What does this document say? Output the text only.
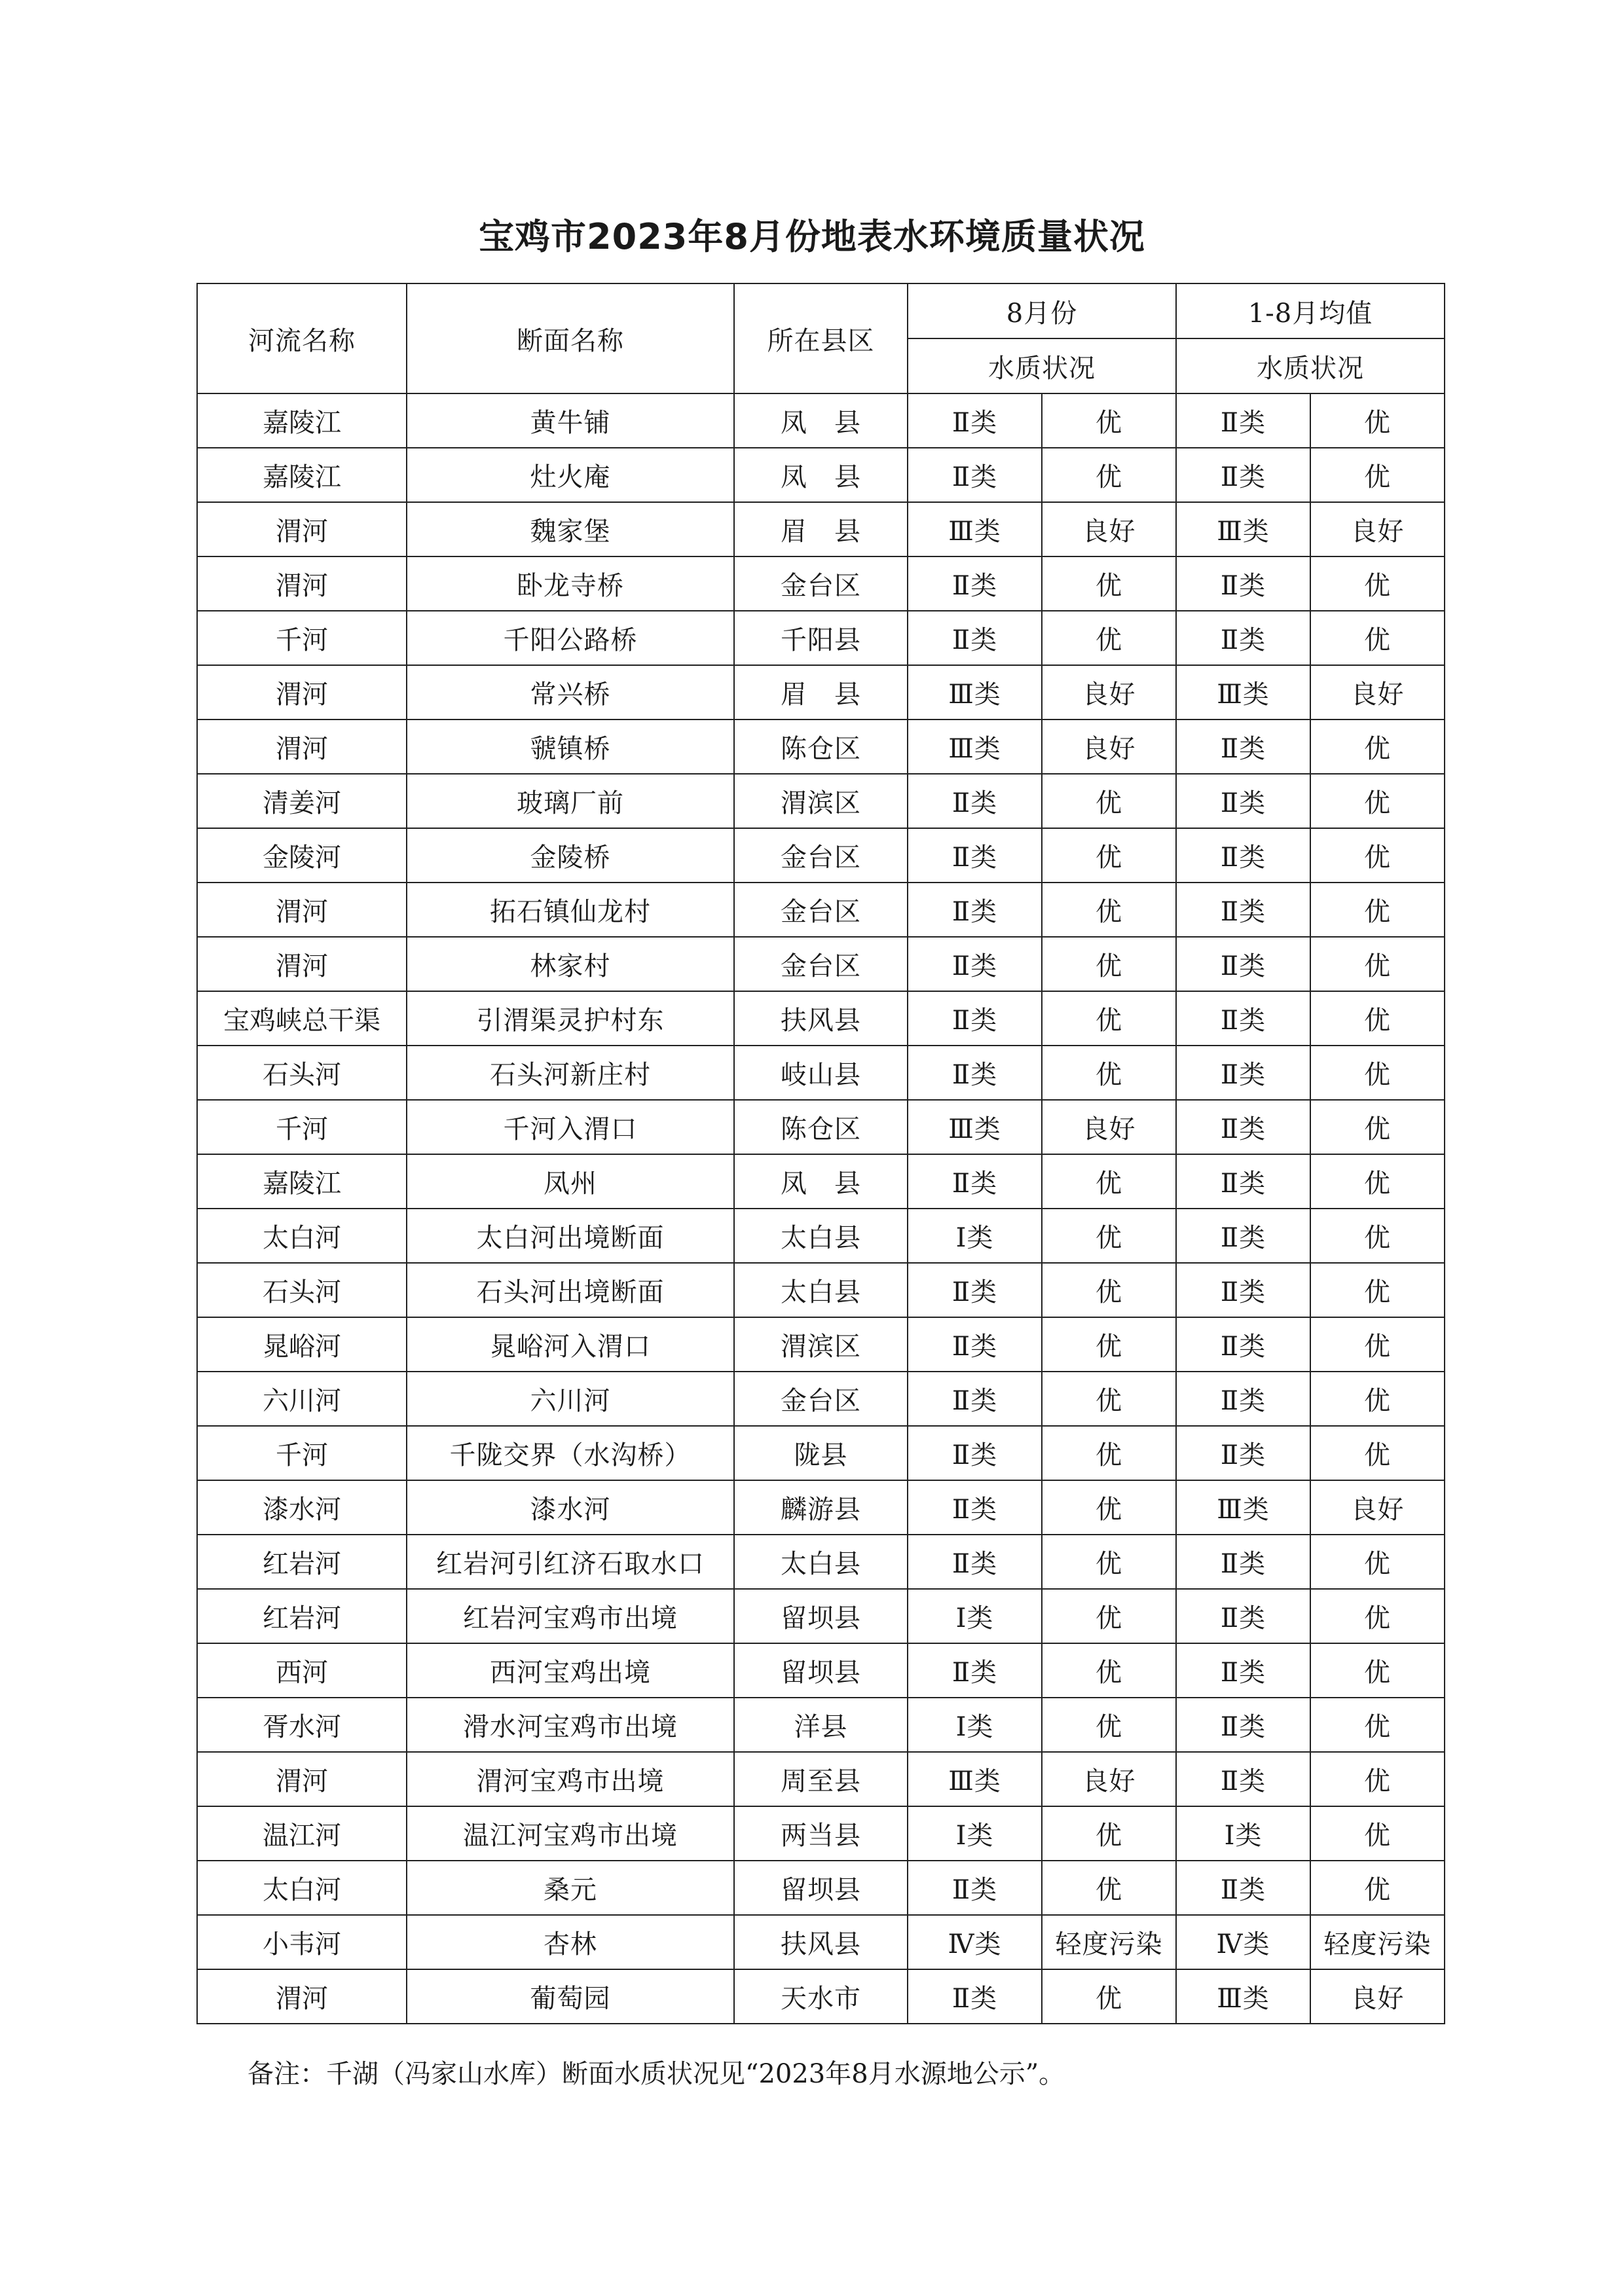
宝鸡市2023年8月份地表水环境质量状况
河流名称	断面名称	所在县区	8月份		1-8月均值	
			水质状况		水质状况	
嘉陵江	黄牛铺	凤　县	Ⅱ类	优	Ⅱ类	优
嘉陵江	灶火庵	凤　县	Ⅱ类	优	Ⅱ类	优
渭河	魏家堡	眉　县	Ⅲ类	良好	Ⅲ类	良好
渭河	卧龙寺桥	金台区	Ⅱ类	优	Ⅱ类	优
千河	千阳公路桥	千阳县	Ⅱ类	优	Ⅱ类	优
渭河	常兴桥	眉　县	Ⅲ类	良好	Ⅲ类	良好
渭河	虢镇桥	陈仓区	Ⅲ类	良好	Ⅱ类	优
清姜河	玻璃厂前	渭滨区	Ⅱ类	优	Ⅱ类	优
金陵河	金陵桥	金台区	Ⅱ类	优	Ⅱ类	优
渭河	拓石镇仙龙村	金台区	Ⅱ类	优	Ⅱ类	优
渭河	林家村	金台区	Ⅱ类	优	Ⅱ类	优
宝鸡峡总干渠	引渭渠灵护村东	扶风县	Ⅱ类	优	Ⅱ类	优
石头河	石头河新庄村	岐山县	Ⅱ类	优	Ⅱ类	优
千河	千河入渭口	陈仓区	Ⅲ类	良好	Ⅱ类	优
嘉陵江	凤州	凤　县	Ⅱ类	优	Ⅱ类	优
太白河	太白河出境断面	太白县	Ⅰ类	优	Ⅱ类	优
石头河	石头河出境断面	太白县	Ⅱ类	优	Ⅱ类	优
晁峪河	晁峪河入渭口	渭滨区	Ⅱ类	优	Ⅱ类	优
六川河	六川河	金台区	Ⅱ类	优	Ⅱ类	优
千河	千陇交界（水沟桥）	陇县	Ⅱ类	优	Ⅱ类	优
漆水河	漆水河	麟游县	Ⅱ类	优	Ⅲ类	良好
红岩河	红岩河引红济石取水口	太白县	Ⅱ类	优	Ⅱ类	优
红岩河	红岩河宝鸡市出境	留坝县	Ⅰ类	优	Ⅱ类	优
西河	西河宝鸡出境	留坝县	Ⅱ类	优	Ⅱ类	优
胥水河	滑水河宝鸡市出境	洋县	Ⅰ类	优	Ⅱ类	优
渭河	渭河宝鸡市出境	周至县	Ⅲ类	良好	Ⅱ类	优
温江河	温江河宝鸡市出境	两当县	Ⅰ类	优	Ⅰ类	优
太白河	桑元	留坝县	Ⅱ类	优	Ⅱ类	优
小韦河	杏林	扶风县	Ⅳ类	轻度污染	Ⅳ类	轻度污染
渭河	葡萄园	天水市	Ⅱ类	优	Ⅲ类	良好
备注：千湖（冯家山水库）断面水质状况见“2023年8月水源地公示”。
